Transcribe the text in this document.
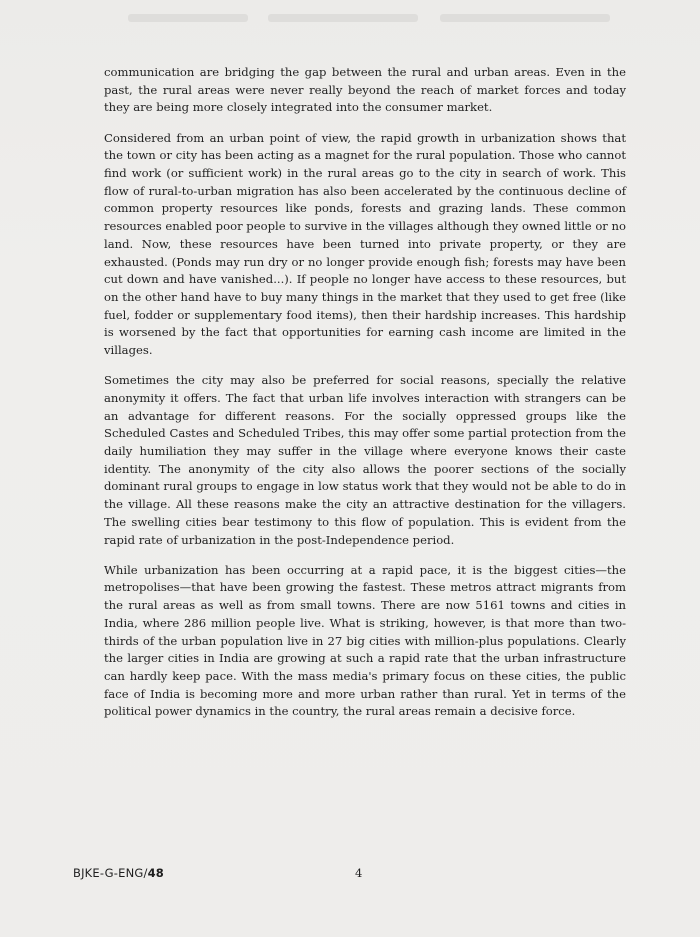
communication are bridging the gap between the rural and urban areas. Even in the past, the rural areas were never really beyond the reach of market forces and today they are being more closely integrated into the consumer market.

Considered from an urban point of view, the rapid growth in urbanization shows that the town or city has been acting as a magnet for the rural population. Those who cannot find work (or sufficient work) in the rural areas go to the city in search of work. This flow of rural-to-urban migration has also been accelerated by the continuous decline of common property resources like ponds, forests and grazing lands. These common resources enabled poor people to survive in the villages although they owned little or no land. Now, these resources have been turned into private property, or they are exhausted. (Ponds may run dry or no longer provide enough fish; forests may have been cut down and have vanished...). If people no longer have access to these resources, but on the other hand have to buy many things in the market that they used to get free (like fuel, fodder or supplementary food items), then their hardship increases. This hardship is worsened by the fact that opportunities for earning cash income are limited in the villages.

Sometimes the city may also be preferred for social reasons, specially the relative anonymity it offers. The fact that urban life involves interaction with strangers can be an advantage for different reasons. For the socially oppressed groups like the Scheduled Castes and Scheduled Tribes, this may offer some partial protection from the daily humiliation they may suffer in the village where everyone knows their caste identity. The anonymity of the city also allows the poorer sections of the socially dominant rural groups to engage in low status work that they would not be able to do in the village. All these reasons make the city an attractive destination for the villagers. The swelling cities bear testimony to this flow of population. This is evident from the rapid rate of urbanization in the post-Independence period.

While urbanization has been occurring at a rapid pace, it is the biggest cities—the metropolises—that have been growing the fastest. These metros attract migrants from the rural areas as well as from small towns. There are now 5161 towns and cities in India, where 286 million people live. What is striking, however, is that more than two-thirds of the urban population live in 27 big cities with million-plus populations. Clearly the larger cities in India are growing at such a rapid rate that the urban infrastructure can hardly keep pace. With the mass media's primary focus on these cities, the public face of India is becoming more and more urban rather than rural. Yet in terms of the political power dynamics in the country, the rural areas remain a decisive force.

BJKE-G-ENG/48	4
